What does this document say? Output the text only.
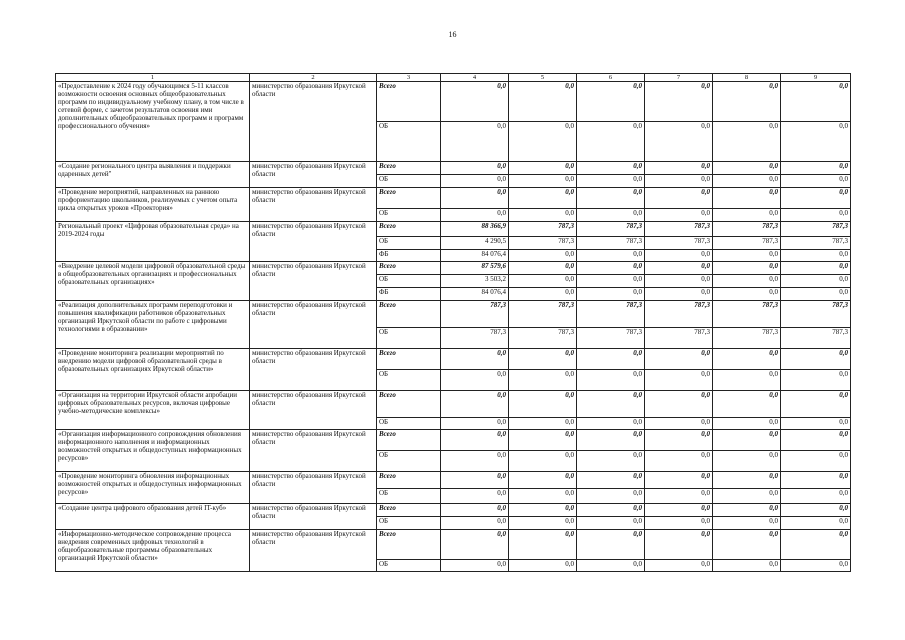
16
1	2	3	4	5	6	7	8	9
«Предоставление к 2024 году обучающимся 5-11 классов возможности освоения основных общеобразовательных программ по индивидуальному учебному плану, в том числе в сетевой форме, с зачетом результатов освоения ими дополнительных общеобразовательных программ и программ профессионального обучения»	министерство образования Иркутской области	Всего	0,0	0,0	0,0	0,0	0,0	0,0
		ОБ	0,0	0,0	0,0	0,0	0,0	0,0
«Создание регионального центра выявления и поддержки одаренных детей"	министерство образования Иркутской области	Всего	0,0	0,0	0,0	0,0	0,0	0,0
		ОБ	0,0	0,0	0,0	0,0	0,0	0,0
«Проведение мероприятий, направленных на раннюю профориентацию школьников, реализуемых с учетом опыта цикла открытых уроков «Проектория»	министерство образования Иркутской области	Всего	0,0	0,0	0,0	0,0	0,0	0,0
		ОБ	0,0	0,0	0,0	0,0	0,0	0,0
Региональный проект «Цифровая образовательная среда» на 2019-2024 годы	министерство образования Иркутской области	Всего	88 366,9	787,3	787,3	787,3	787,3	787,3
		ОБ	4 290,5	787,3	787,3	787,3	787,3	787,3
		ФБ	84 076,4	0,0	0,0	0,0	0,0	0,0
«Внедрение целевой модели цифровой образовательной среды в общеобразовательных организациях и профессиональных образовательных организациях»	министерство образования Иркутской области	Всего	87 579,6	0,0	0,0	0,0	0,0	0,0
		ОБ	3 503,2	0,0	0,0	0,0	0,0	0,0
		ФБ	84 076,4	0,0	0,0	0,0	0,0	0,0
«Реализация дополнительных программ переподготовки и повышения квалификации работников образовательных организаций Иркутской области по работе с цифровыми технологиями в образовании»	министерство образования Иркутской области	Всего	787,3	787,3	787,3	787,3	787,3	787,3
		ОБ	787,3	787,3	787,3	787,3	787,3	787,3
«Проведение мониторинга реализации мероприятий по внедрению модели цифровой образовательной среды в образовательных организациях Иркутской области»	министерство образования Иркутской области	Всего	0,0	0,0	0,0	0,0	0,0	0,0
		ОБ	0,0	0,0	0,0	0,0	0,0	0,0
«Организация на территории Иркутской области апробации цифровых образовательных ресурсов, включая цифровые учебно-методические комплексы»	министерство образования Иркутской области	Всего	0,0	0,0	0,0	0,0	0,0	0,0
		ОБ	0,0	0,0	0,0	0,0	0,0	0,0
«Организация информационного сопровождения обновления информационного наполнения и информационных возможностей открытых и общедоступных информационных ресурсов»	министерство образования Иркутской области	Всего	0,0	0,0	0,0	0,0	0,0	0,0
		ОБ	0,0	0,0	0,0	0,0	0,0	0,0
«Проведение мониторинга обновления информационных возможностей открытых и общедоступных информационных ресурсов»	министерство образования Иркутской области	Всего	0,0	0,0	0,0	0,0	0,0	0,0
		ОБ	0,0	0,0	0,0	0,0	0,0	0,0
«Создание центра цифрового образования детей IT-куб»	министерство образования Иркутской области	Всего	0,0	0,0	0,0	0,0	0,0	0,0
		ОБ	0,0	0,0	0,0	0,0	0,0	0,0
«Информационно-методическое сопровождение процесса внедрения современных цифровых технологий в общеобразовательные программы образовательных организаций Иркутской области»	министерство образования Иркутской области	Всего	0,0	0,0	0,0	0,0	0,0	0,0
		ОБ	0,0	0,0	0,0	0,0	0,0	0,0
